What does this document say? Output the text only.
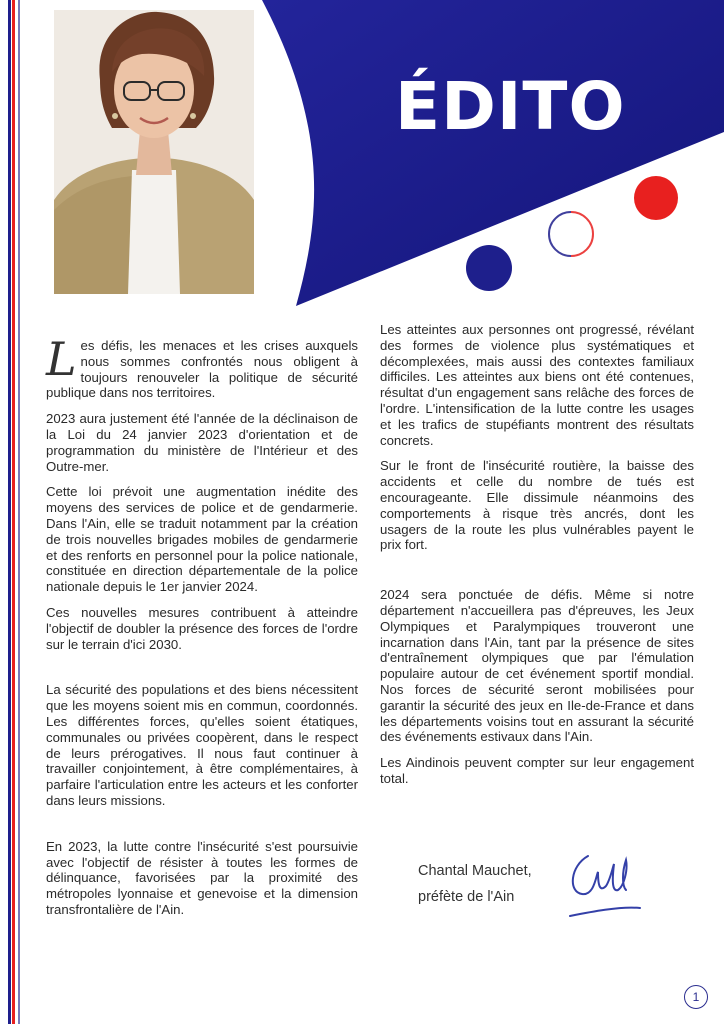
ÉDITO

Les défis, les menaces et les crises auxquels nous sommes confrontés nous obligent à toujours renouveler la politique de sécurité publique dans nos territoires.

2023 aura justement été l'année de la déclinaison de la Loi du 24 janvier 2023 d'orientation et de programmation du ministère de l'Intérieur et des Outre-mer.

Cette loi prévoit une augmentation inédite des moyens des services de police et de gendarmerie. Dans l'Ain, elle se traduit notamment par la création de trois nouvelles brigades mobiles de gendarmerie et des renforts en personnel pour la police nationale, constituée en direction départementale de la police nationale depuis le 1er janvier 2024.

Ces nouvelles mesures contribuent à atteindre l'objectif de doubler la présence des forces de l'ordre sur le terrain d'ici 2030.

La sécurité des populations et des biens nécessitent que les moyens soient mis en commun, coordonnés. Les différentes forces, qu'elles soient étatiques, communales ou privées coopèrent, dans le respect de leurs prérogatives. Il nous faut continuer à travailler conjointement, à être complémentaires, à parfaire l'articulation entre les acteurs et les conforter dans leurs missions.

En 2023, la lutte contre l'insécurité s'est poursuivie avec l'objectif de résister à toutes les formes de délinquance, favorisées par la proximité des métropoles lyonnaise et genevoise et la dimension transfrontalière de l'Ain.

Les atteintes aux personnes ont progressé, révélant des formes de violence plus systématiques et décomplexées, mais aussi des contextes familiaux difficiles. Les atteintes aux biens ont été contenues, résultat d'un engagement sans relâche des forces de l'ordre. L'intensification de la lutte contre les usages et les trafics de stupéfiants montrent des résultats concrets.

Sur le front de l'insécurité routière, la baisse des accidents et celle du nombre de tués est encourageante. Elle dissimule néanmoins des comportements à risque très ancrés, dont les usagers de la route les plus vulnérables payent le prix fort.

2024 sera ponctuée de défis. Même si notre département n'accueillera pas d'épreuves, les Jeux Olympiques et Paralympiques trouveront une incarnation dans l'Ain, tant par la présence de sites d'entraînement olympiques que par l'émulation populaire autour de cet événement sportif mondial. Nos forces de sécurité seront mobilisées pour garantir la sécurité des jeux en Ile-de-France et dans les départements voisins tout en assurant la sécurité des événements estivaux dans l'Ain.

Les Aindinois peuvent compter sur leur engagement total.

Chantal Mauchet,
préfète de l'Ain
1
